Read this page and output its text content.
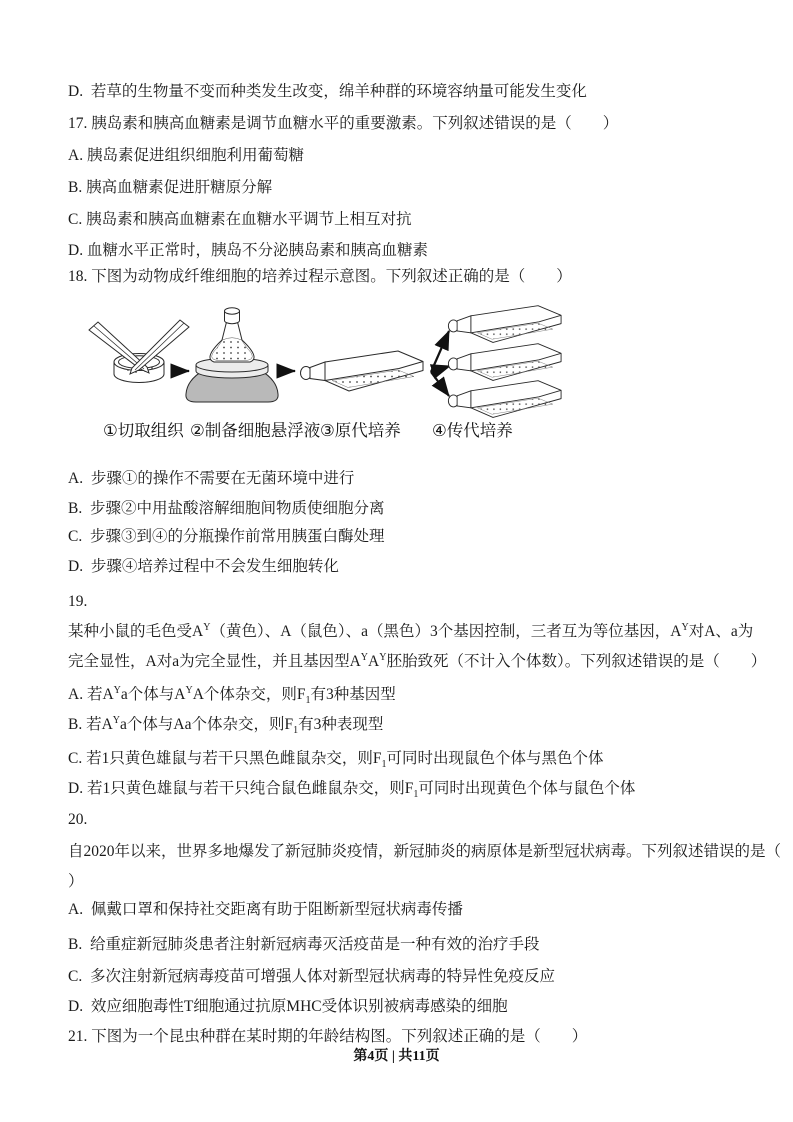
D.  若草的生物量不变而种类发生改变，绵羊种群的环境容纳量可能发生变化
17. 胰岛素和胰高血糖素是调节血糖水平的重要激素。下列叙述错误的是（　　）
A. 胰岛素促进组织细胞利用葡萄糖
B. 胰高血糖素促进肝糖原分解
C. 胰岛素和胰高血糖素在血糖水平调节上相互对抗
D. 血糖水平正常时，胰岛不分泌胰岛素和胰高血糖素
18. 下图为动物成纤维细胞的培养过程示意图。下列叙述正确的是（　　）
①切取组织 ②制备细胞悬浮液 ③原代培养 ④传代培养
A.  步骤①的操作不需要在无菌环境中进行
B.  步骤②中用盐酸溶解细胞间物质使细胞分离
C.  步骤③到④的分瓶操作前常用胰蛋白酶处理
D.  步骤④培养过程中不会发生细胞转化
19.
某种小鼠的毛色受$A^Y$（黄色）、A（鼠色）、a（黑色）3个基因控制，三者互为等位基因，$A^Y$对A、a为
完全显性，A对a为完全显性，并且基因型$A^YA^Y$胚胎致死（不计入个体数）。下列叙述错误的是（　　）
A. 若$A^Ya$个体与$A^YA$个体杂交，则$F_1$有3种基因型
B. 若$A^Ya$个体与Aa个体杂交，则$F_1$有3种表现型
C. 若1只黄色雄鼠与若干只黑色雌鼠杂交，则$F_1$可同时出现鼠色个体与黑色个体
D. 若1只黄色雄鼠与若干只纯合鼠色雌鼠杂交，则$F_1$可同时出现黄色个体与鼠色个体
20.
自2020年以来，世界多地爆发了新冠肺炎疫情，新冠肺炎的病原体是新型冠状病毒。下列叙述错误的是（
）
A.  佩戴口罩和保持社交距离有助于阻断新型冠状病毒传播
B.  给重症新冠肺炎患者注射新冠病毒灭活疫苗是一种有效的治疗手段
C.  多次注射新冠病毒疫苗可增强人体对新型冠状病毒的特异性免疫反应
D.  效应细胞毒性T细胞通过抗原MHC受体识别被病毒感染的细胞
21. 下图为一个昆虫种群在某时期的年龄结构图。下列叙述正确的是（　　）
第4页 | 共11页
